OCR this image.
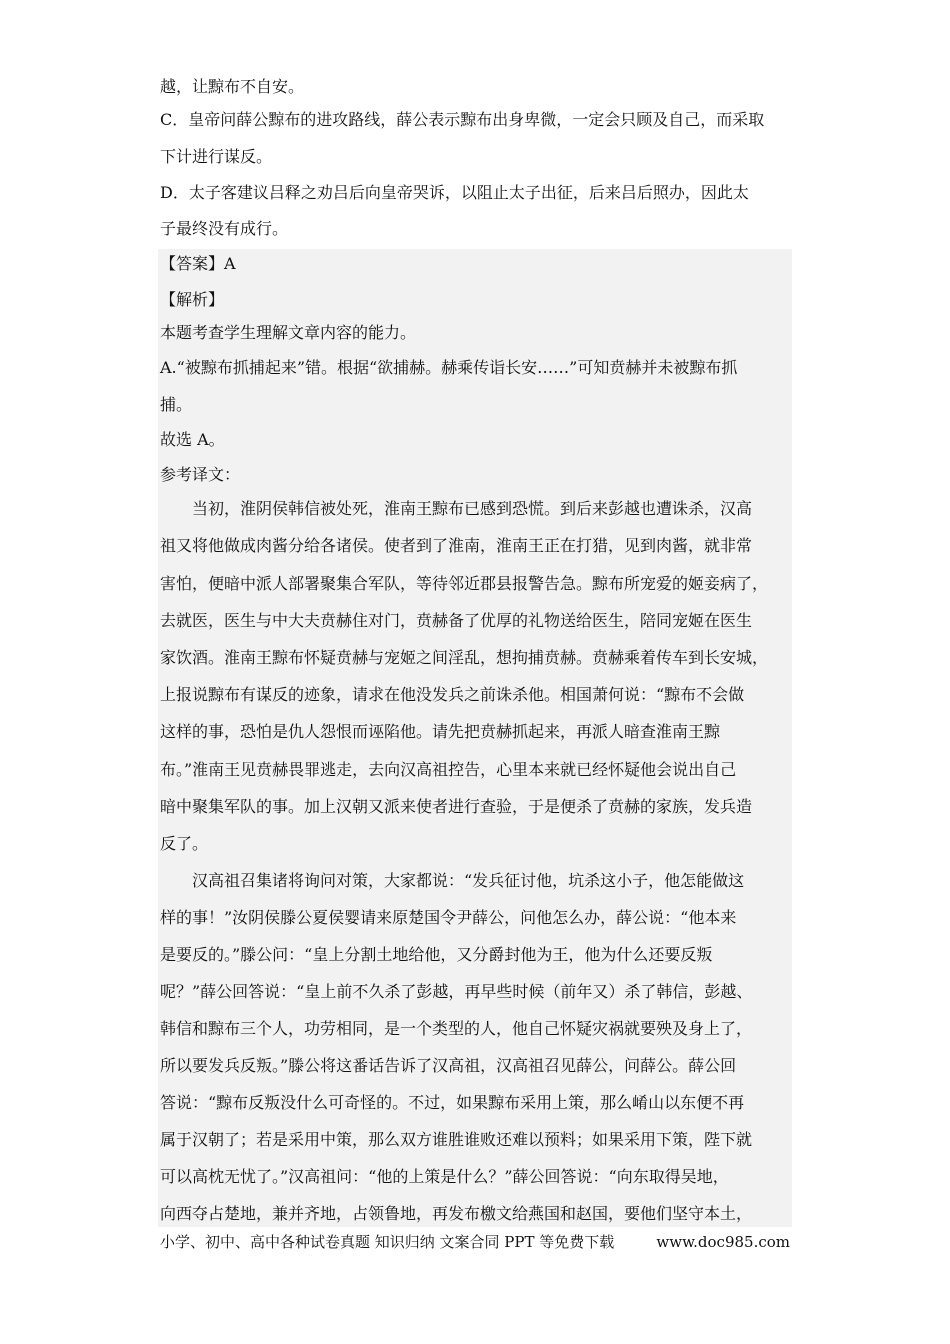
越，让黥布不自安。
C．皇帝问薛公黥布的进攻路线，薛公表示黥布出身卑微，一定会只顾及自己，而采取
下计进行谋反。
D．太子客建议吕释之劝吕后向皇帝哭诉，以阻止太子出征，后来吕后照办，因此太
子最终没有成行。
【答案】A
【解析】
本题考查学生理解文章内容的能力。
A.“被黥布抓捕起来”错。根据“欲捕赫。赫乘传诣长安……”可知贲赫并未被黥布抓
捕。
故选 A。
参考译文：
当初，淮阴侯韩信被处死，淮南王黥布已感到恐慌。到后来彭越也遭诛杀，汉高
祖又将他做成肉酱分给各诸侯。使者到了淮南，淮南王正在打猎，见到肉酱，就非常
害怕，便暗中派人部署聚集合军队，等待邻近郡县报警告急。黥布所宠爱的姬妾病了，
去就医，医生与中大夫贲赫住对门，贲赫备了优厚的礼物送给医生，陪同宠姬在医生
家饮酒。淮南王黥布怀疑贲赫与宠姬之间淫乱，想拘捕贲赫。贲赫乘着传车到长安城，
上报说黥布有谋反的迹象，请求在他没发兵之前诛杀他。相国萧何说：“黥布不会做
这样的事，恐怕是仇人怨恨而诬陷他。请先把贲赫抓起来，再派人暗查淮南王黥
布。”淮南王见贲赫畏罪逃走，去向汉高祖控告，心里本来就已经怀疑他会说出自己
暗中聚集军队的事。加上汉朝又派来使者进行查验，于是便杀了贲赫的家族，发兵造
反了。
汉高祖召集诸将询问对策，大家都说：“发兵征讨他，坑杀这小子，他怎能做这
样的事！”汝阴侯滕公夏侯婴请来原楚国令尹薛公，问他怎么办，薛公说：“他本来
是要反的。”滕公问：“皇上分割土地给他，又分爵封他为王，他为什么还要反叛
呢？”薛公回答说：“皇上前不久杀了彭越，再早些时候（前年又）杀了韩信，彭越、
韩信和黥布三个人，功劳相同，是一个类型的人，他自己怀疑灾祸就要殃及身上了，
所以要发兵反叛。”滕公将这番话告诉了汉高祖，汉高祖召见薛公，问薛公。薛公回
答说：“黥布反叛没什么可奇怪的。不过，如果黥布采用上策，那么崤山以东便不再
属于汉朝了；若是采用中策，那么双方谁胜谁败还难以预料；如果采用下策，陛下就
可以高枕无忧了。”汉高祖问：“他的上策是什么？”薛公回答说：“向东取得吴地，
向西夺占楚地，兼并齐地，占领鲁地，再发布檄文给燕国和赵国，要他们坚守本土，
小学、初中、高中各种试卷真题 知识归纳 文案合同 PPT 等免费下载	www.doc985.com
